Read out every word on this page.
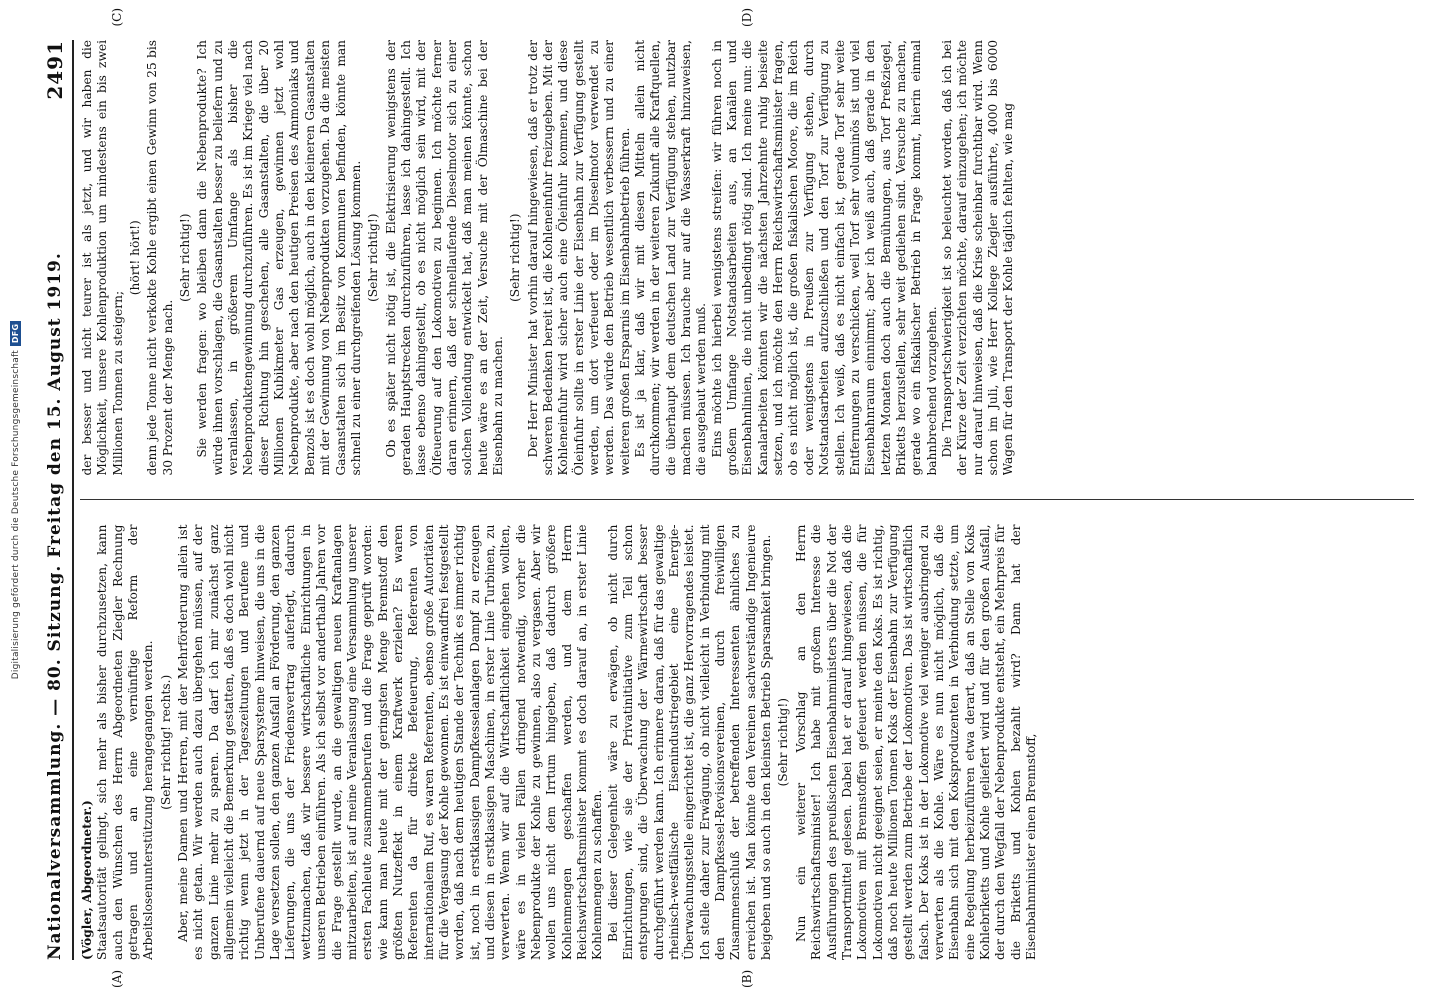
Digitalisierung gefördert durch die Deutsche Forschungsgemeinschaft
DFG Nationalversammlung. — 80. Sitzung. Freitag den 15. August 1919.
2491
(A)	(B)
(C)	(D)

(Vögler, Abgeordneter.) Staatsautorität gelingt, sich mehr als bisher durchzusetzen, kann auch den Wünschen des Herrn Abgeordneten Ziegler Rechnung getragen und an eine vernünftige Reform der Arbeitslosenunterstützung herangegangen werden. (Sehr richtig! rechts.) Aber, meine Damen und Herren, mit der Mehrförderung allein ist es nicht getan. Wir werden auch dazu übergehen müssen, auf der ganzen Linie mehr zu sparen. Da darf ich mir zunächst ganz allgemein vielleicht die Bemerkung gestatten, daß es doch wohl nicht richtig wenn jetzt in der Tageszeitungen und Berufene und Unberufene dauernd auf neue Sparsysteme hinweisen, die uns in die Lage versetzen sollen, den ganzen Ausfall an Förderung, den ganzen Lieferungen, die uns der Friedensvertrag auferlegt, dadurch wettzumachen, daß wir bessere wirtschaftliche Einrichtungen in unseren Betrieben einführen. Als ich selbst vor anderthalb Jahren vor die Frage gestellt wurde, an die gewaltigen neuen Kraftanlagen mitzuarbeiten, ist auf meine Veranlassung eine Versammlung unserer ersten Fachleute zusammenberufen und die Frage geprüft worden: wie kann man heute mit der geringsten Menge Brennstoff den größten Nutzeffekt in einem Kraftwerk erzielen? Es waren Referenten da für direkte Befeuerung, Referenten von internationalem Ruf, es waren Referenten, ebenso große Autoritäten für die Vergasung der Kohle gewonnen. Es ist einwandfrei festgestellt worden, daß nach dem heutigen Stande der Technik es immer richtig ist, noch in erstklassigen Dampfkesselanlagen Dampf zu erzeugen und diesen in erstklassigen Maschinen, in erster Linie Turbinen, zu verwerten. Wenn wir auf die Wirtschaftlichkeit eingehen wollten, wäre es in vielen Fällen dringend notwendig, vorher die Nebenprodukte der Kohle zu gewinnen, also zu vergasen. Aber wir wollen uns nicht dem Irrtum hingeben, daß dadurch größere Kohlenmengen geschaffen werden, und dem Herrn Reichswirtschaftsminister kommt es doch darauf an, in erster Linie Kohlenmengen zu schaffen. Bei dieser Gelegenheit wäre zu erwägen, ob nicht durch Einrichtungen, wie sie der Privatinitiative zum Teil schon entsprungen sind, die Überwachung der Wärmewirtschaft besser durchgeführt werden kann. Ich erinnere daran, daß für das gewaltige rheinisch-westfälische Eisenindustriegebiet eine Energie-Überwachungsstelle eingerichtet ist, die ganz Hervorragendes leistet. Ich stelle daher zur Erwägung, ob nicht vielleicht in Verbindung mit den Dampfkessel-Revisionsvereinen, durch freiwilligen Zusammenschluß der betreffenden Interessenten ähnliches zu erreichen ist. Man könnte den Vereinen sachverständige Ingenieure beigeben und so auch in den kleinsten Betrieb Sparsamkeit bringen. (Sehr richtig!) Nun ein weiterer Vorschlag an den Herrn Reichswirtschaftsminister! Ich habe mit großem Interesse die Ausführungen des preußischen Eisenbahnministers über die Not der Transportmittel gelesen. Dabei hat er darauf hingewiesen, daß die Lokomotiven mit Brennstoffen gefeuert werden müssen, die für Lokomotiven nicht geeignet seien, er meinte den Koks. Es ist richtig, daß noch heute Millionen Tonnen Koks der Eisenbahn zur Verfügung gestellt werden zum Betriebe der Lokomotiven. Das ist wirtschaftlich falsch. Der Koks ist in der Lokomotive viel weniger ausbringend zu verwerten als die Kohle. Wäre es nun nicht möglich, daß die Eisenbahn sich mit den Koksproduzenten in Verbindung setzte, um eine Regelung herbeizuführen etwa derart, daß an Stelle von Koks Kohlebriketts und Kohle geliefert wird und für den großen Ausfall, der durch den Wegfall der Nebenprodukte entsteht, ein Mehrpreis für die Briketts und Kohlen bezahlt wird? Dann hat der Eisenbahnminister einen Brennstoff,

der besser und nicht teurer ist als jetzt, und wir haben die Möglichkeit, unsere Kohlenproduktion um mindestens ein bis zwei Millionen Tonnen zu steigern;

(hört! hört!) denn jede Tonne nicht verkokte Kohle ergibt einen Gewinn von 25 bis 30 Prozent der Menge nach.

(Sehr richtig!) Sie werden fragen: wo bleiben dann die Nebenprodukte? Ich würde ihnen vorschlagen, die Gasanstalten besser zu beliefern und zu veranlassen, in größerem Umfange als bisher die Nebenproduktengewinnung durchzuführen. Es ist im Kriege viel nach dieser Richtung hin geschehen, alle Gasanstalten, die über 20 Millionen Kubikmeter Gas erzeugen, gewinnen jetzt wohl Nebenprodukte, aber nach den heutigen Preisen des Ammoniaks und Benzols ist es doch wohl möglich, auch in den kleineren Gasanstalten mit der Gewinnung von Nebenprodukten vorzugehen. Da die meisten Gasanstalten sich im Besitz von Kommunen befinden, könnte man schnell zu einer durchgreifenden Lösung kommen. (Sehr richtig!) Ob es später nicht nötig ist, die Elektrisierung wenigstens der geraden Hauptstrecken durchzuführen, lasse ich dahingestellt. Ich lasse ebenso dahingestellt, ob es nicht möglich sein wird, mit der Ölfeuerung auf den Lokomotiven zu beginnen. Ich möchte ferner daran erinnern, daß der schnellaufende Dieselmotor sich zu einer solchen Vollendung entwickelt hat, daß man meinen könnte, schon heute wäre es an der Zeit, Versuche mit der Ölmaschine bei der Eisenbahn zu machen.

(Sehr richtig!) Der Herr Minister hat vorhin darauf hingewiesen, daß er trotz der schweren Bedenken bereit ist, die Kohleneinfuhr freizugeben. Mit der Kohleneinfuhr wird sicher auch eine Öleinfuhr kommen, und diese Öleinfuhr sollte in erster Linie der Eisenbahn zur Verfügung gestellt werden, um dort verfeuert oder im Dieselmotor verwendet zu werden. Das würde den Betrieb wesentlich verbessern und zu einer weiteren großen Ersparnis im Eisenbahnbetrieb führen. Es ist ja klar, daß wir mit diesen Mitteln allein nicht durchkommen; wir werden in der weiteren Zukunft alle Kraftquellen, die überhaupt dem deutschen Land zur Verfügung stehen, nutzbar machen müssen. Ich brauche nur auf die Wasserkraft hinzuweisen, die ausgebaut werden muß. Eins möchte ich hierbei wenigstens streifen: wir führen noch in großem Umfange Notstandsarbeiten aus, an Kanälen und Eisenbahnlinien, die nicht unbedingt nötig sind. Ich meine nun: die Kanalarbeiten könnten wir die nächsten Jahrzehnte ruhig beiseite setzen, und ich möchte den Herrn Reichswirtschaftsminister fragen, ob es nicht möglich ist, die großen fiskalischen Moore, die im Reich oder wenigstens in Preußen zur Verfügung stehen, durch Notstandsarbeiten aufzuschließen und den Torf zur Verfügung zu stellen. Ich weiß, daß es nicht einfach ist, gerade Torf sehr weite Entfernungen zu verschicken, weil Torf sehr voluminös ist und viel Eisenbahnraum einnimmt; aber ich weiß auch, daß gerade in den letzten Monaten doch auch die Bemühungen, aus Torf Preßziegel, Briketts herzustellen, sehr weit gediehen sind. Versuche zu machen, gerade wo ein fiskalischer Betrieb in Frage kommt, hierin einmal bahnbrechend vorzugehen. Die Transportschwierigkeit ist so beleuchtet worden, daß ich bei der Kürze der Zeit verzichten möchte, darauf einzugehen; ich möchte nur darauf hinweisen, daß die Krise scheinbar furchtbar wird. Wenn schon im Juli, wie Herr Kollege Ziegler ausführte, 4000 bis 6000 Wagen für den Transport der Kohle täglich fehlten, wie mag
